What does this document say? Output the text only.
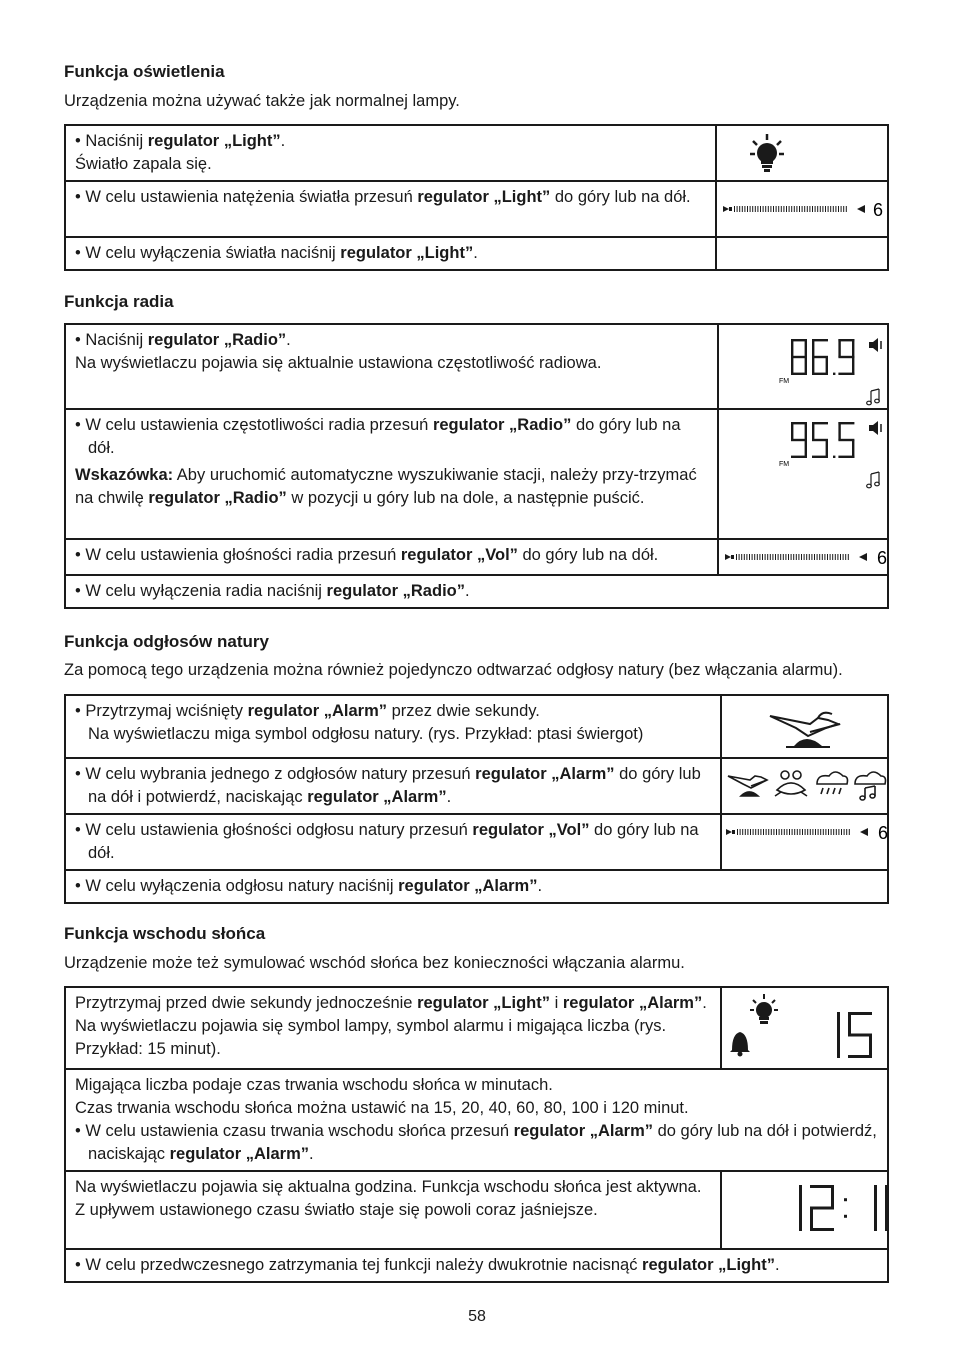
Funkcja oświetlenia

Urządzenia można używać także jak normalnej lampy.

• Naciśnij regulator „Light”.
Światło zapala się.	

• W celu ustawienia natężenia światła przesuń regulator „Light” do góry lub na dół.	6

• W celu wyłączenia światła naciśnij regulator „Light”.	

Funkcja radia

• Naciśnij regulator „Radio”.
Na wyświetlaczu pojawia się aktualnie ustawiona częstotliwość radiowa.	FM

• W celu ustawienia częstotliwości radia przesuń regulator „Radio” do góry lub na dół.
Wskazówka: Aby uruchomić automatyczne wyszukiwanie stacji, należy przy-trzymać na chwilę regulator „Radio” w pozycji u góry lub na dole, a następnie puścić.	FM

• W celu ustawienia głośności radia przesuń regulator „Vol” do góry lub na dół.	6

• W celu wyłączenia radia naciśnij regulator „Radio”.	

Funkcja odgłosów natury

Za pomocą tego urządzenia można również pojedynczo odtwarzać odgłosy natury (bez włączania alarmu).

• Przytrzymaj wciśnięty regulator „Alarm” przez dwie sekundy.
Na wyświetlaczu miga symbol odgłosu natury. (rys. Przykład: ptasi świergot)

• W celu wybrania jednego z odgłosów natury przesuń regulator „Alarm” do góry lub na dół i potwierdź, naciskając regulator „Alarm”.

• W celu ustawienia głośności odgłosu natury przesuń regulator „Vol” do góry lub na dół.	6

• W celu wyłączenia odgłosu natury naciśnij regulator „Alarm”.	

Funkcja wschodu słońca

Urządzenie może też symulować wschód słońca bez konieczności włączania alarmu.

Przytrzymaj przed dwie sekundy jednocześnie regulator „Light” i regulator „Alarm”. Na wyświetlaczu pojawia się symbol lampy, symbol alarmu i migająca liczba (rys. Przykład: 15 minut).	

Migająca liczba podaje czas trwania wschodu słońca w minutach.
Czas trwania wschodu słońca można ustawić na 15, 20, 40, 60, 80, 100 i 120 minut.
• W celu ustawienia czasu trwania wschodu słońca przesuń regulator „Alarm” do góry lub na dół i potwierdź, naciskając regulator „Alarm”.	

Na wyświetlaczu pojawia się aktualna godzina. Funkcja wschodu słońca jest aktywna.
Z upływem ustawionego czasu światło staje się powoli coraz jaśniejsze.	

• W celu przedwczesnego zatrzymania tej funkcji należy dwukrotnie nacisnąć regulator „Light”.	

58
